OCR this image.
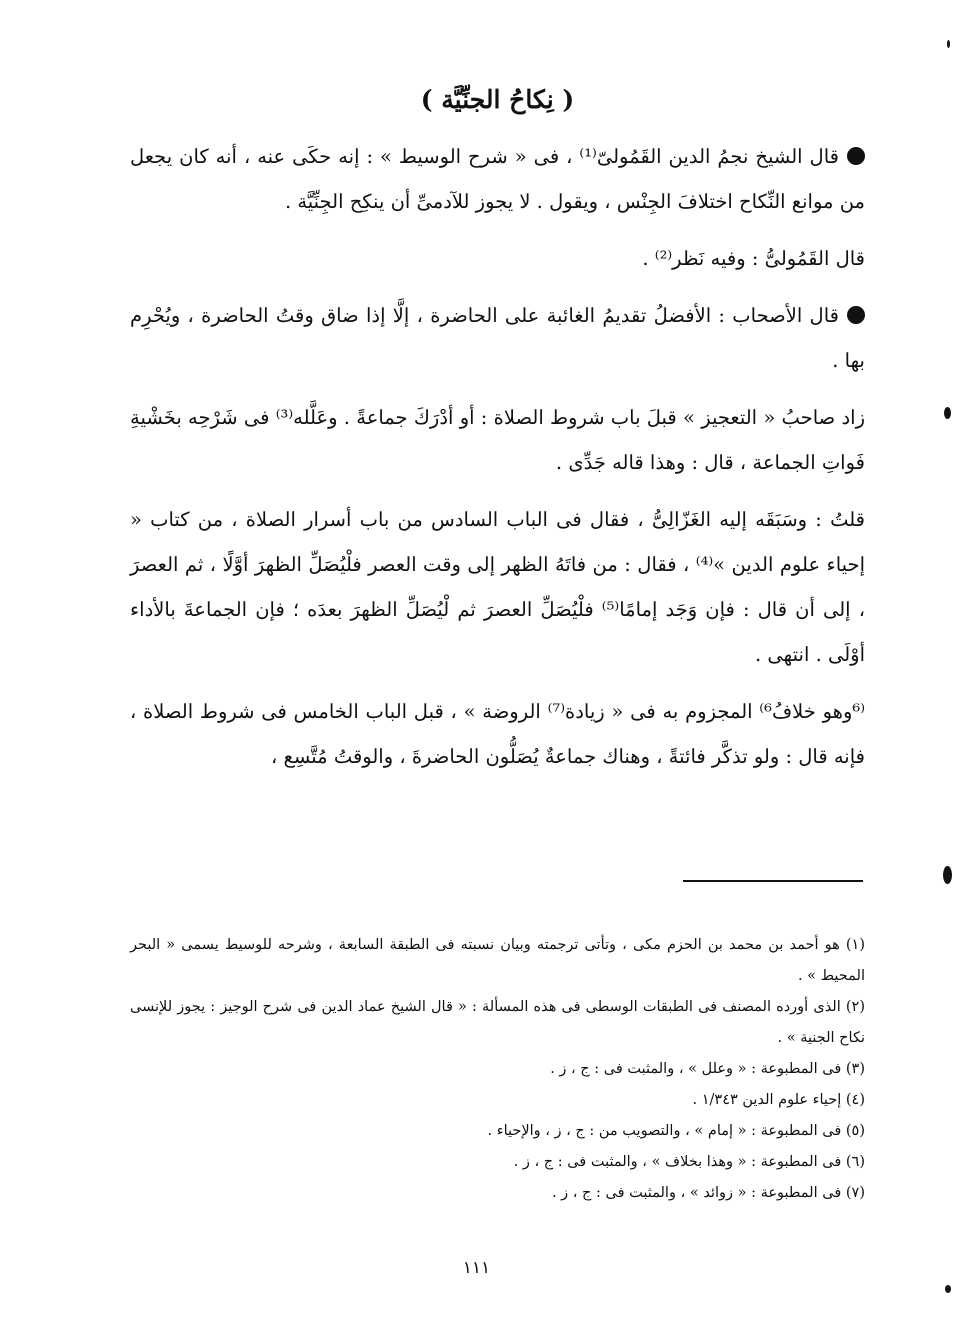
( نِكاحُ الجنِّيَّة )

قال الشيخ نجمُ الدين القَمُولىّ⁽¹⁾ ، فى « شرح الوسيط » : إنه حكَى عنه ، أنه كان يجعل من موانع النِّكاح اختلافَ الجِنْس ، ويقول . لا يجوز للآدمىِّ أن ينكِح الجِنِّيَّة .

قال القَمُولىُّ : وفيه نَظر⁽²⁾ .

قال الأصحاب : الأفضلُ تقديمُ الغائبة على الحاضرة ، إلَّا إذا ضاق وقتُ الحاضرة ، ويُحْرِم بها .

زاد صاحبُ « التعجيز » قبلَ باب شروط الصلاة : أو أدْرَكَ جماعةً . وعَلَّله⁽³⁾ فى شَرْحِه بخَشْيةِ فَواتِ الجماعة ، قال : وهذا قاله جَدِّى .

قلتُ : وسَبَقَه إليه الغَزّالِىُّ ، فقال فى الباب السادس من باب أسرار الصلاة ، من كتاب « إحياء علوم الدين »⁽⁴⁾ ، فقال : من فاتَهُ الظهر إلى وقت العصر فلْيُصَلِّ الظهرَ أوَّلًا ، ثم العصرَ ، إلى أن قال : فإن وَجَد إمامًا⁽⁵⁾ فلْيُصَلِّ العصرَ ثم لْيُصَلِّ الظهرَ بعدَه ؛ فإن الجماعةَ بالأداء أوْلَى . انتهى .

⁽⁶وهو خلافُ⁶⁾ المجزوم به فى « زيادة⁽⁷⁾ الروضة » ، قبل الباب الخامس فى شروط الصلاة ، فإنه قال : ولو تذكَّر فائتةً ، وهناك جماعةٌ يُصَلُّون الحاضرةَ ، والوقتُ مُتَّسِع ،

(١) هو أحمد بن محمد بن الحزم مكى ، وتأتى ترجمته وبيان نسبته فى الطبقة السابعة ، وشرحه للوسيط يسمى « البحر المحيط » .

(٢) الذى أورده المصنف فى الطبقات الوسطى فى هذه المسألة : « قال الشيخ عماد الدين فى شرح الوجيز : يجوز للإنسى نكاح الجنية » .

(٣) فى المطبوعة : « وعلل » ، والمثبت فى : ج ، ز .

(٤) إحياء علوم الدين ١/٣٤٣ .

(٥) فى المطبوعة : « إمام » ، والتصويب من : ج ، ز ، والإحياء .

(٦) فى المطبوعة : « وهذا بخلاف » ، والمثبت فى : ج ، ز .

(٧) فى المطبوعة : « زوائد » ، والمثبت فى : ج ، ز .

١١١
